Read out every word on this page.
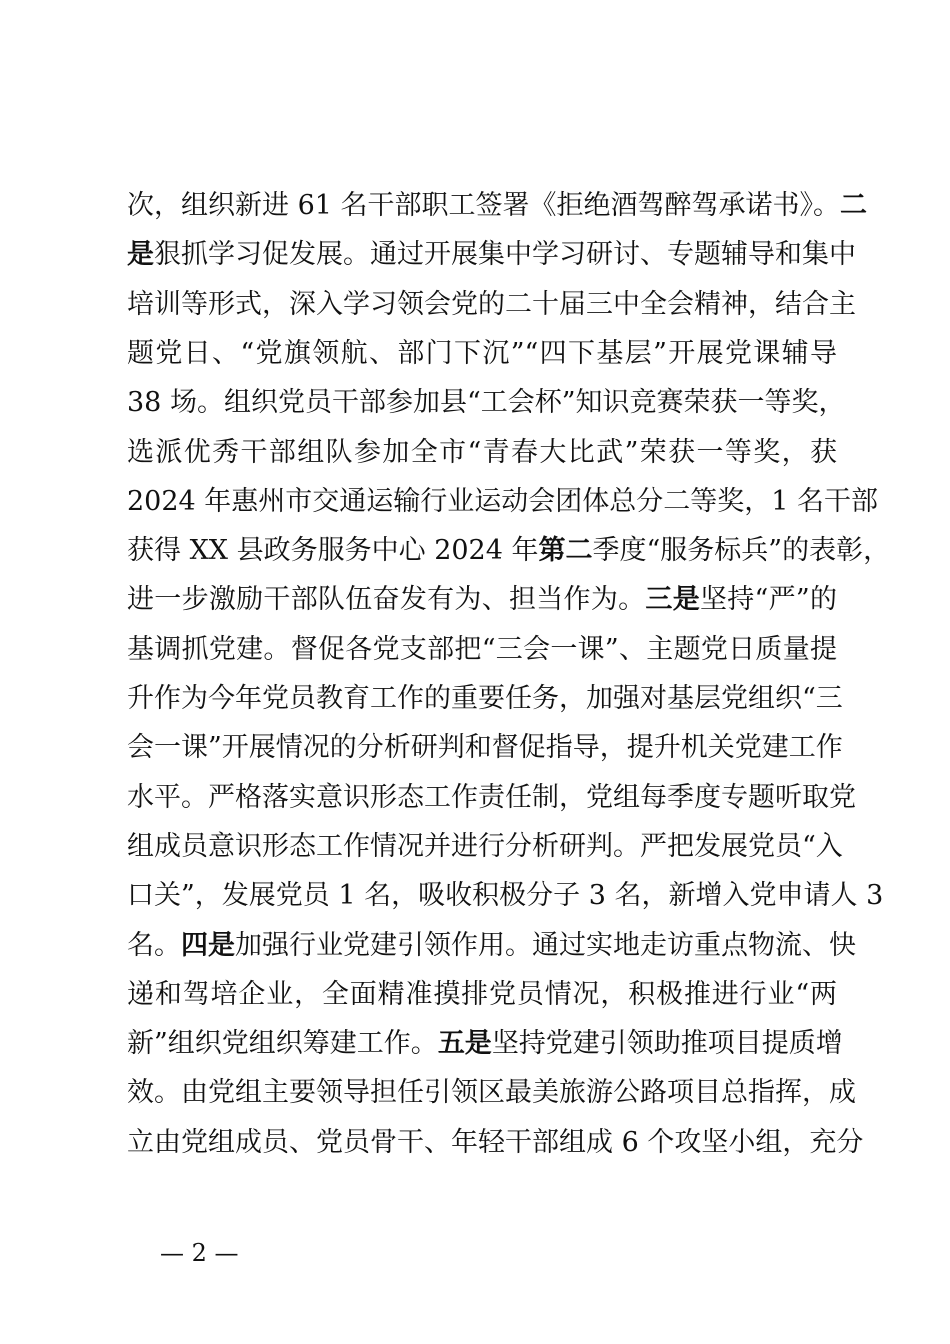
次，组织新进 61 名干部职工签署《拒绝酒驾醉驾承诺书》。二
是狠抓学习促发展。通过开展集中学习研讨、专题辅导和集中
培训等形式，深入学习领会党的二十届三中全会精神，结合主
题党日、“党旗领航、部门下沉”“四下基层”开展党课辅导
38 场。组织党员干部参加县“工会杯”知识竞赛荣获一等奖，
选派优秀干部组队参加全市“青春大比武”荣获一等奖，获
2024 年惠州市交通运输行业运动会团体总分二等奖，1 名干部
获得 XX 县政务服务中心 2024 年第二季度“服务标兵”的表彰，
进一步激励干部队伍奋发有为、担当作为。三是坚持“严”的
基调抓党建。督促各党支部把“三会一课”、主题党日质量提
升作为今年党员教育工作的重要任务，加强对基层党组织“三
会一课”开展情况的分析研判和督促指导，提升机关党建工作
水平。严格落实意识形态工作责任制，党组每季度专题听取党
组成员意识形态工作情况并进行分析研判。严把发展党员“入
口关”，发展党员 1 名，吸收积极分子 3 名，新增入党申请人 3
名。四是加强行业党建引领作用。通过实地走访重点物流、快
递和驾培企业，全面精准摸排党员情况，积极推进行业“两
新”组织党组织筹建工作。五是坚持党建引领助推项目提质增
效。由党组主要领导担任引领区最美旅游公路项目总指挥，成
立由党组成员、党员骨干、年轻干部组成 6 个攻坚小组，充分
— 2 —
